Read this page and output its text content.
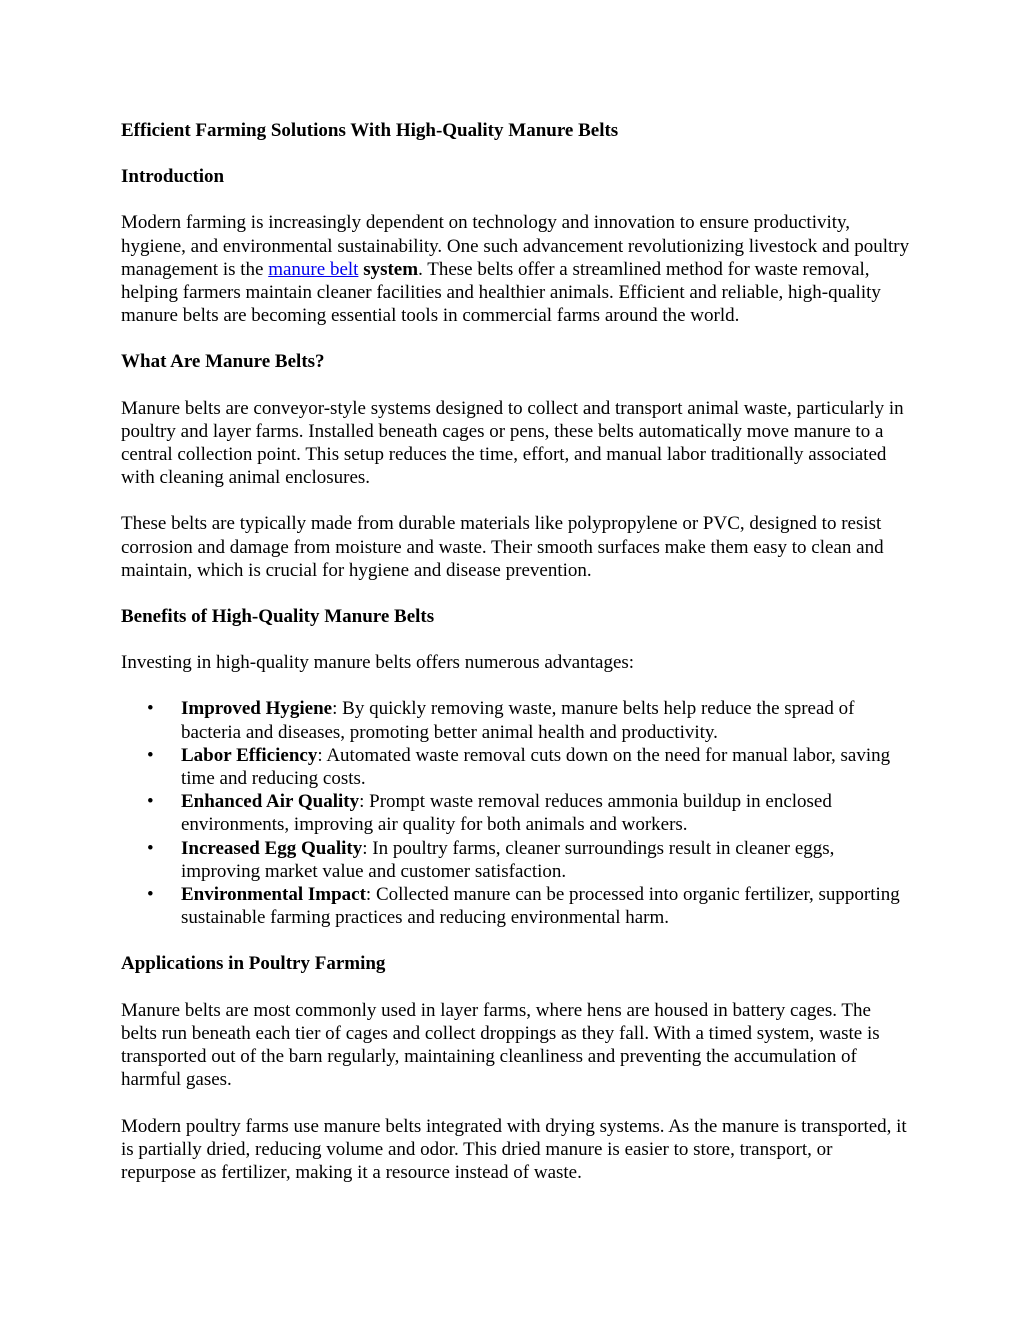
Efficient Farming Solutions With High-Quality Manure Belts
Introduction
Modern farming is increasingly dependent on technology and innovation to ensure productivity, hygiene, and environmental sustainability. One such advancement revolutionizing livestock and poultry management is the manure belt system. These belts offer a streamlined method for waste removal, helping farmers maintain cleaner facilities and healthier animals. Efficient and reliable, high-quality manure belts are becoming essential tools in commercial farms around the world.
What Are Manure Belts?
Manure belts are conveyor-style systems designed to collect and transport animal waste, particularly in poultry and layer farms. Installed beneath cages or pens, these belts automatically move manure to a central collection point. This setup reduces the time, effort, and manual labor traditionally associated with cleaning animal enclosures.
These belts are typically made from durable materials like polypropylene or PVC, designed to resist corrosion and damage from moisture and waste. Their smooth surfaces make them easy to clean and maintain, which is crucial for hygiene and disease prevention.
Benefits of High-Quality Manure Belts
Investing in high-quality manure belts offers numerous advantages:
• Improved Hygiene: By quickly removing waste, manure belts help reduce the spread of bacteria and diseases, promoting better animal health and productivity.
• Labor Efficiency: Automated waste removal cuts down on the need for manual labor, saving time and reducing costs.
• Enhanced Air Quality: Prompt waste removal reduces ammonia buildup in enclosed environments, improving air quality for both animals and workers.
• Increased Egg Quality: In poultry farms, cleaner surroundings result in cleaner eggs, improving market value and customer satisfaction.
• Environmental Impact: Collected manure can be processed into organic fertilizer, supporting sustainable farming practices and reducing environmental harm.
Applications in Poultry Farming
Manure belts are most commonly used in layer farms, where hens are housed in battery cages. The belts run beneath each tier of cages and collect droppings as they fall. With a timed system, waste is transported out of the barn regularly, maintaining cleanliness and preventing the accumulation of harmful gases.
Modern poultry farms use manure belts integrated with drying systems. As the manure is transported, it is partially dried, reducing volume and odor. This dried manure is easier to store, transport, or repurpose as fertilizer, making it a resource instead of waste.
